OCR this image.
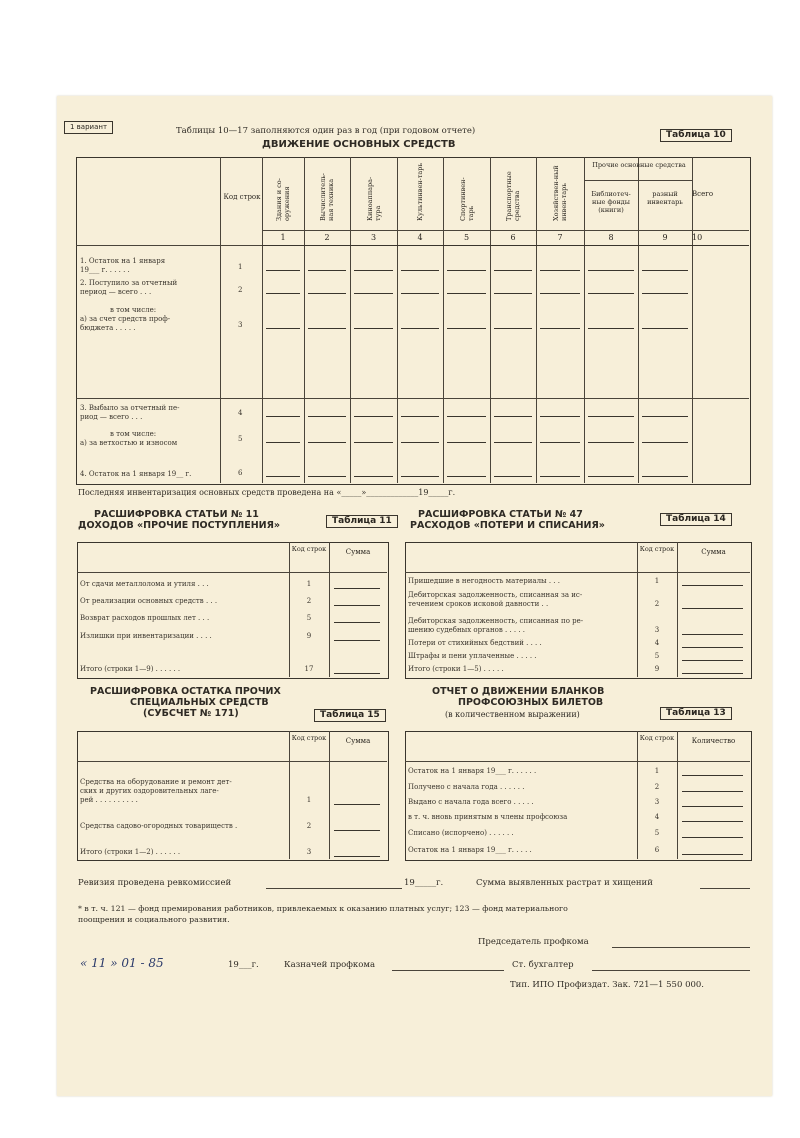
1 вариант	Таблицы 10—17 заполняются один раз в год (при годовом отчете)
ДВИЖЕНИЕ ОСНОВНЫХ СРЕДСТВ
Таблица 10
Код строк
Прочие основные средства
Здания и со-оружения	Вычислитель-ная техника	Киноаппара-тура	Культинвен-тарь	Спортинвен-тарь	Транспортные средства	Хозяйствен-ный инвен-тарь	Библиотеч-ные фонды (книги)
разный инвентарь
Всего
1	2	3	4	5	6	7	8	9	10
1. Остаток на 1 января
19___ г. . . . . .	1
2. Поступило за отчетный
период — всего . . .	2
в том числе:
а) за счет средств проф-
бюджета . . . . .	3
3. Выбыло за отчетный пе-
риод — всего . . .	4
в том числе:
а) за ветхостью и износом	5
4. Остаток на 1 января 19__ г.	6
Последняя инвентаризация основных средств проведена на «_____»_____________19_____г.
РАСШИФРОВКА СТАТЬИ № 11
ДОХОДОВ «ПРОЧИЕ ПОСТУПЛЕНИЯ»	Таблица 11
Код строк	Сумма
От сдачи металлолома и утиля . . .	1
От реализации основных средств . . .	2
Возврат расходов прошлых лет . . .	5
Излишки при инвентаризации . . . .	9
Итого (строки 1—9) . . . . . .	17
РАСШИФРОВКА СТАТЬИ № 47
РАСХОДОВ «ПОТЕРИ И СПИСАНИЯ»
Таблица 14
Код строк	Сумма
Пришедшие в негодность материалы . . .	1
Дебиторская задолженность, списанная за ис-
течением сроков исковой давности . .	2
Дебиторская задолженность, списанная по ре-
шению судебных органов . . . . .	3
Потери от стихийных бедствий . . . .	4
Штрафы и пени уплаченные . . . . .	5
Итого (строки 1—5) . . . . .	9
РАСШИФРОВКА ОСТАТКА ПРОЧИХ
СПЕЦИАЛЬНЫХ СРЕДСТВ
(СУБСЧЕТ № 171)	Таблица 15
Код строк	Сумма
Средства на оборудование и ремонт дет-
ских и других оздоровительных лаге-
рей . . . . . . . . . .	1
Средства садово-огородных товариществ .	2
Итого (строки 1—2) . . . . . .	3
ОТЧЕТ О ДВИЖЕНИИ БЛАНКОВ
ПРОФСОЮЗНЫХ БИЛЕТОВ
(в количественном выражении)	Таблица 13
Код строк	Количество
Остаток на 1 января 19___ г. . . . . .	1
Получено с начала года . . . . . .	2
Выдано с начала года всего . . . . .	3
в т. ч. вновь принятым в члены профсоюза	4
Списано (испорчено) . . . . . .	5
Остаток на 1 января 19___ г. . . . .	6
Ревизия проведена ревкомиссией	19_____г.	Сумма выявленных растрат и хищений
* в т. ч. 121 — фонд премирования работников, привлекаемых к оказанию платных услуг; 123 — фонд материального
поощрения и социального развития.
Председатель профкома
« 11 » 01 - 85	19___г.	Казначей профкома	Ст. бухгалтер
Тип. ИПО Профиздат. Зак. 721—1 550 000.
